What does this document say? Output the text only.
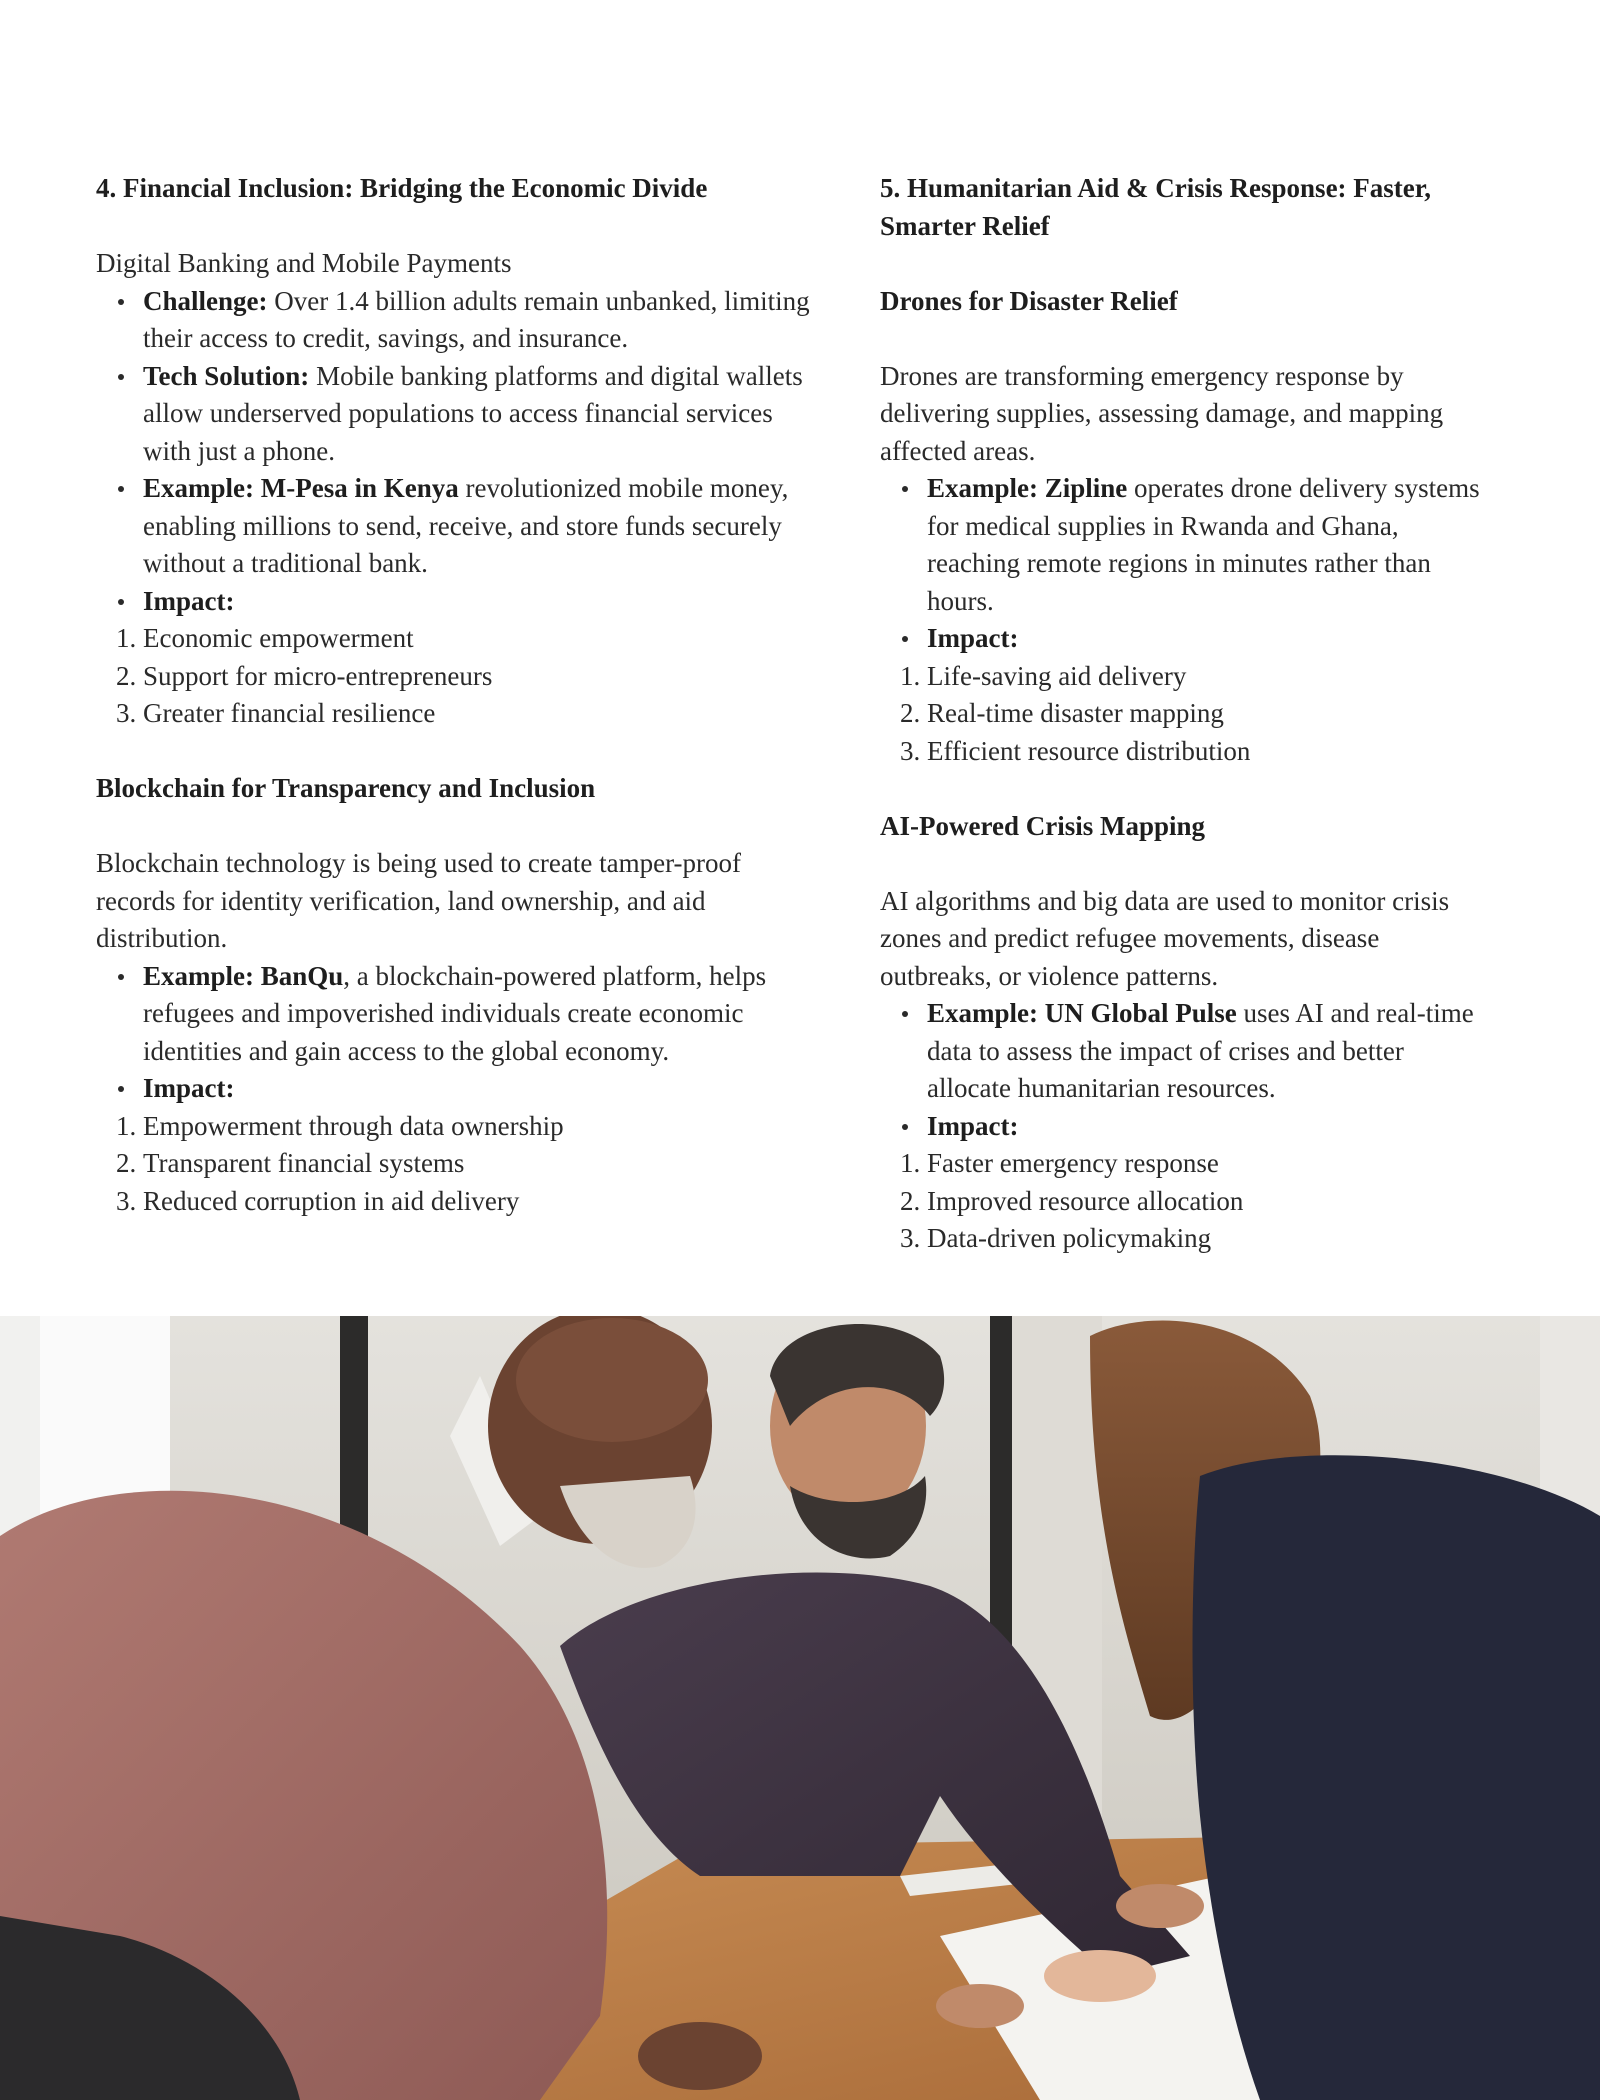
4. Financial Inclusion: Bridging the Economic Divide

Digital Banking and Mobile Payments

Challenge: Over 1.4 billion adults remain unbanked, limiting their access to credit, savings, and insurance.
Tech Solution: Mobile banking platforms and digital wallets allow underserved populations to access financial services with just a phone.
Example: M-Pesa in Kenya revolutionized mobile money, enabling millions to send, receive, and store funds securely without a traditional bank.
Impact:
1. Economic empowerment
2. Support for micro-entrepreneurs
3. Greater financial resilience
Blockchain for Transparency and Inclusion

Blockchain technology is being used to create tamper-proof records for identity verification, land ownership, and aid distribution.

Example: BanQu, a blockchain-powered platform, helps refugees and impoverished individuals create economic identities and gain access to the global economy.
Impact:
1. Empowerment through data ownership
2. Transparent financial systems
3. Reduced corruption in aid delivery
5. Humanitarian Aid & Crisis Response: Faster, Smarter Relief
Drones for Disaster Relief

Drones are transforming emergency response by delivering supplies, assessing damage, and mapping affected areas.

Example: Zipline operates drone delivery systems for medical supplies in Rwanda and Ghana, reaching remote regions in minutes rather than hours.
Impact:
1. Life-saving aid delivery
2. Real-time disaster mapping
3. Efficient resource distribution
AI-Powered Crisis Mapping

AI algorithms and big data are used to monitor crisis zones and predict refugee movements, disease outbreaks, or violence patterns.

Example: UN Global Pulse uses AI and real-time data to assess the impact of crises and better allocate humanitarian resources.
Impact:
1. Faster emergency response
2. Improved resource allocation
3. Data-driven policymaking
